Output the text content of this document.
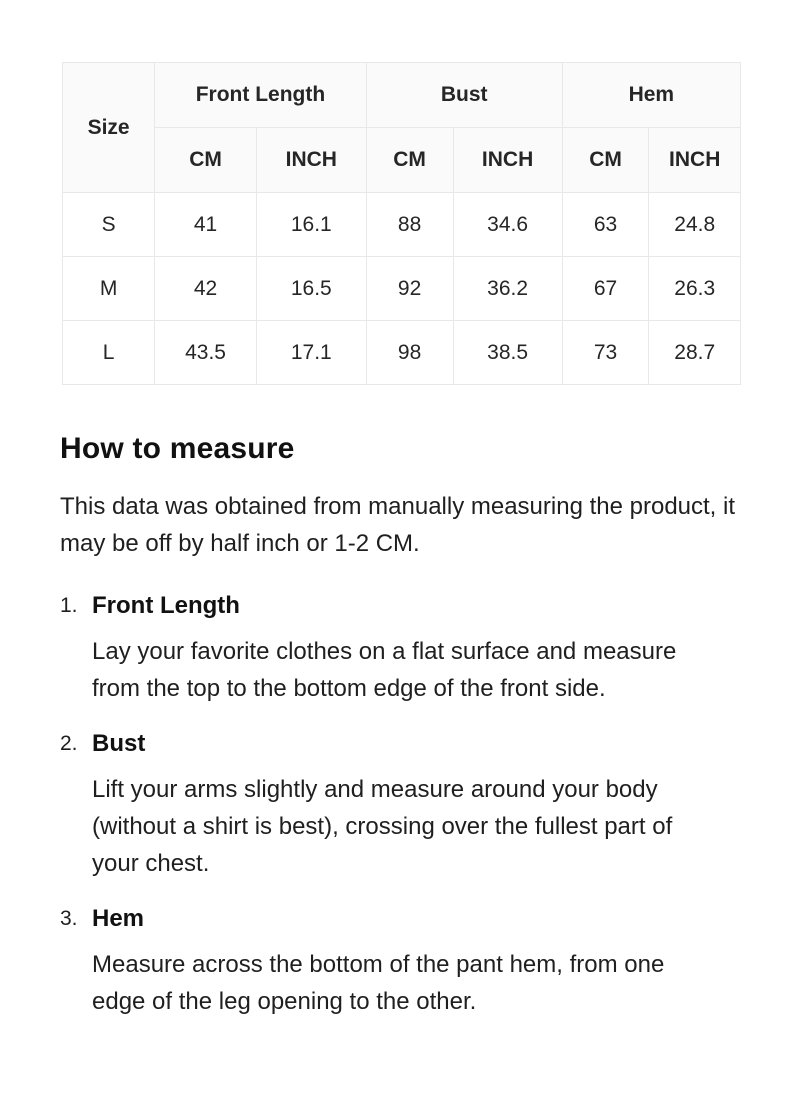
Size	Front Length		Bust		Hem	
	CM	INCH	CM	INCH	CM	INCH
S	41	16.1	88	34.6	63	24.8
M	42	16.5	92	36.2	67	26.3
L	43.5	17.1	98	38.5	73	28.7
How to measure

This data was obtained from manually measuring the product, it may be off by half inch or 1-2 CM.

1. Front Length

Lay your favorite clothes on a flat surface and measure from the top to the bottom edge of the front side.

2. Bust

Lift your arms slightly and measure around your body (without a shirt is best), crossing over the fullest part of your chest.

3. Hem

Measure across the bottom of the pant hem, from one edge of the leg opening to the other.
